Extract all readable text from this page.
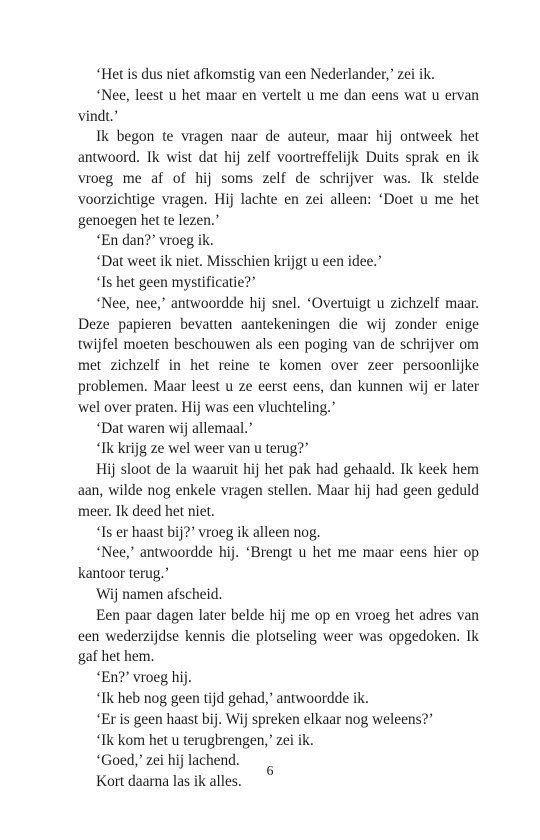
‘Het is dus niet afkomstig van een Nederlander,’ zei ik.

‘Nee, leest u het maar en vertelt u me dan eens wat u ervan vindt.’

Ik begon te vragen naar de auteur, maar hij ontweek het antwoord. Ik wist dat hij zelf voortreffelijk Duits sprak en ik vroeg me af of hij soms zelf de schrijver was. Ik stelde voorzichtige vragen. Hij lachte en zei alleen: ‘Doet u me het genoegen het te lezen.’

‘En dan?’ vroeg ik.

‘Dat weet ik niet. Misschien krijgt u een idee.’

‘Is het geen mystificatie?’

‘Nee, nee,’ antwoordde hij snel. ‘Overtuigt u zichzelf maar. Deze papieren bevatten aantekeningen die wij zonder enige twijfel moeten beschouwen als een poging van de schrijver om met zichzelf in het reine te komen over zeer persoonlijke problemen. Maar leest u ze eerst eens, dan kunnen wij er later wel over praten. Hij was een vluchteling.’

‘Dat waren wij allemaal.’

‘Ik krijg ze wel weer van u terug?’

Hij sloot de la waaruit hij het pak had gehaald. Ik keek hem aan, wilde nog enkele vragen stellen. Maar hij had geen geduld meer. Ik deed het niet.

‘Is er haast bij?’ vroeg ik alleen nog.

‘Nee,’ antwoordde hij. ‘Brengt u het me maar eens hier op kantoor terug.’

Wij namen afscheid.

Een paar dagen later belde hij me op en vroeg het adres van een wederzijdse kennis die plotseling weer was opgedoken. Ik gaf het hem.

‘En?’ vroeg hij.

‘Ik heb nog geen tijd gehad,’ antwoordde ik.

‘Er is geen haast bij. Wij spreken elkaar nog weleens?’

‘Ik kom het u terugbrengen,’ zei ik.

‘Goed,’ zei hij lachend.

Kort daarna las ik alles.

6
